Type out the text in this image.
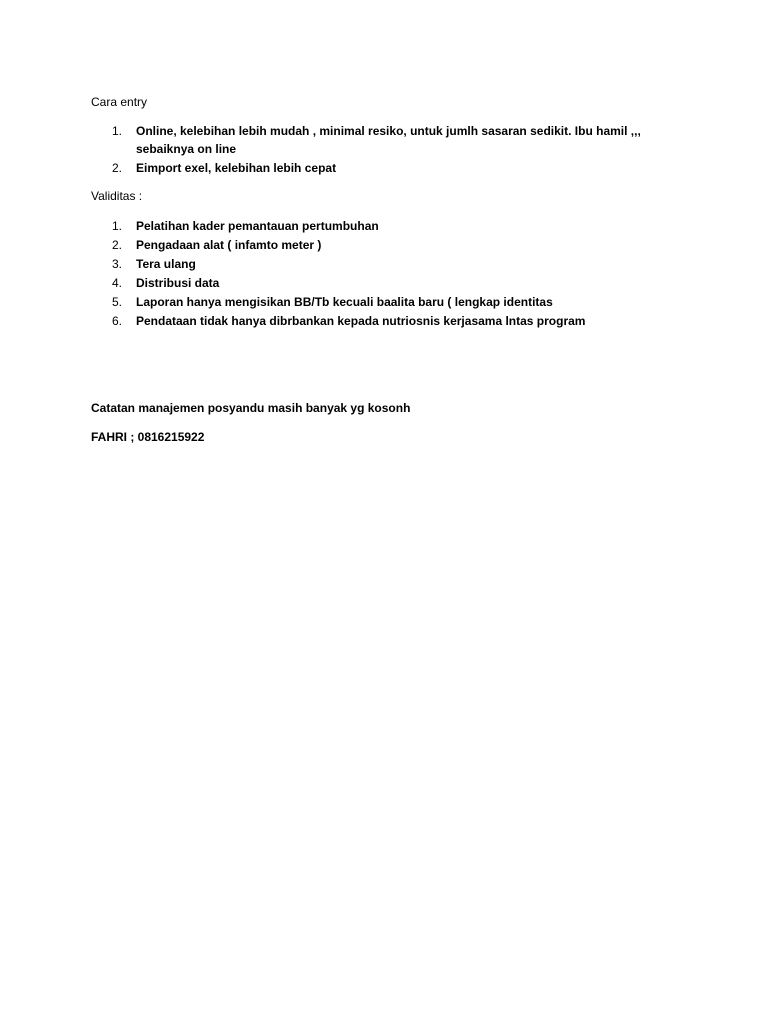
Cara entry

1.	Online, kelebihan lebih mudah , minimal resiko, untuk jumlh sasaran sedikit. Ibu hamil ,,, sebaiknya on line
2.	Eimport exel, kelebihan lebih cepat

Validitas :

1.	Pelatihan kader pemantauan pertumbuhan
2.	Pengadaan alat ( infamto meter )
3.	Tera ulang
4.	Distribusi data
5.	Laporan hanya mengisikan BB/Tb kecuali baalita baru ( lengkap identitas
6.	Pendataan tidak hanya dibrbankan kepada nutriosnis kerjasama lntas program

Catatan manajemen posyandu masih banyak yg kosonh

FAHRI ; 0816215922
